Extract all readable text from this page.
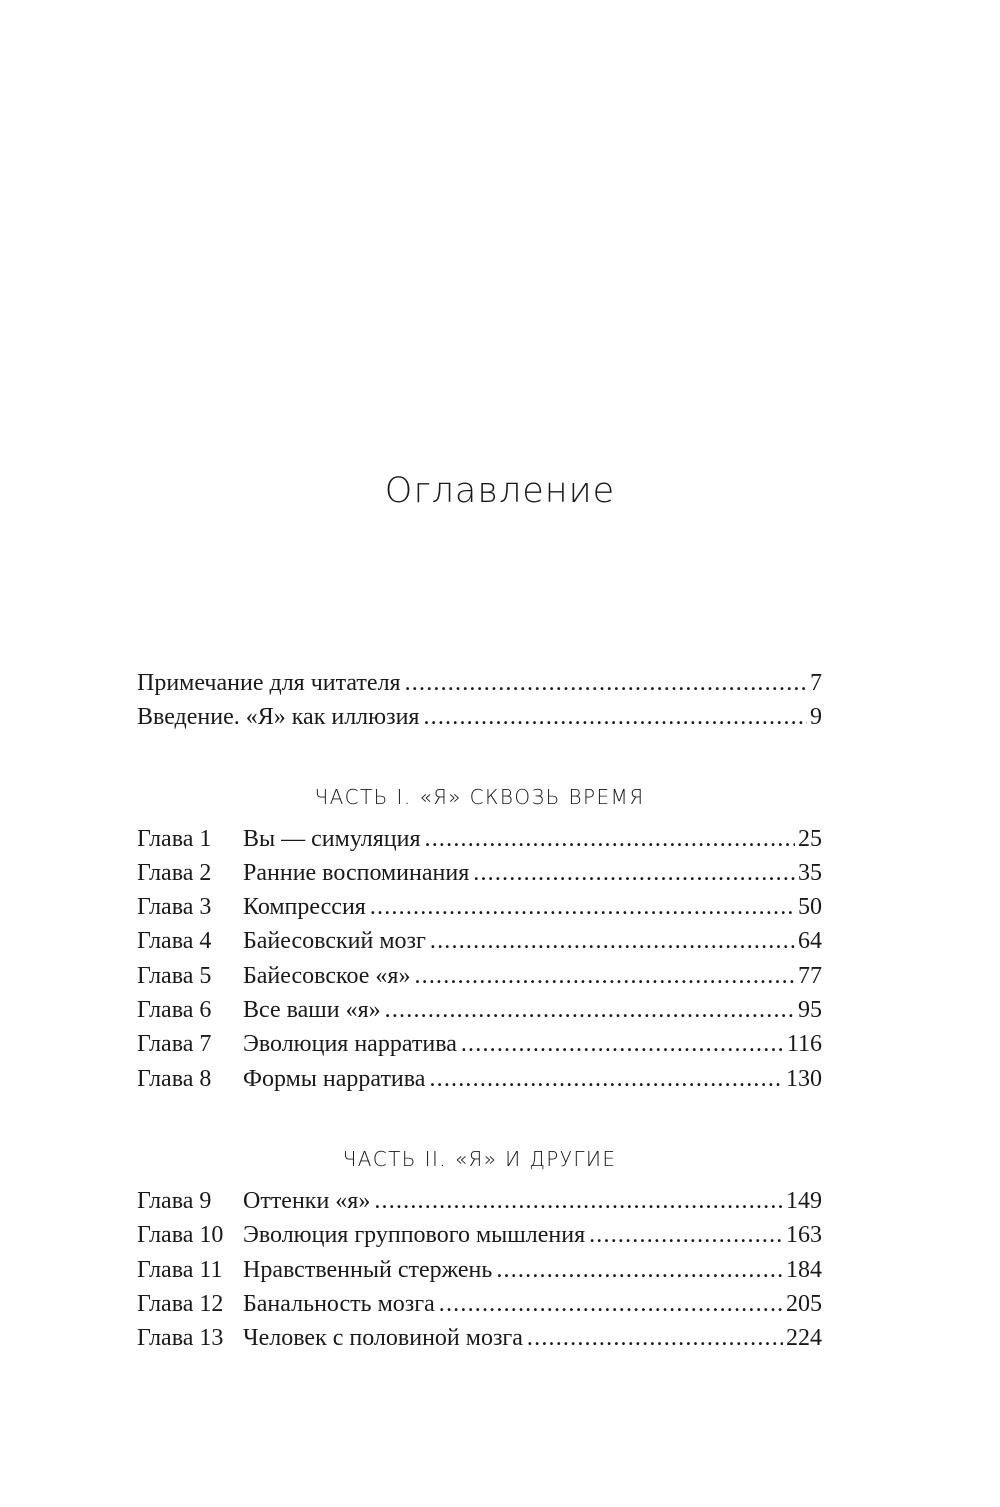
Оглавление
Примечание для читателя .....	7
Введение. «Я» как иллюзия .....	9
ЧАСТЬ I. «Я» СКВОЗЬ ВРЕМЯ
Глава 1	Вы — симуляция .....	25
Глава 2	Ранние воспоминания .....	35
Глава 3	Компрессия .....	50
Глава 4	Байесовский мозг .....	64
Глава 5	Байесовское «я» .....	77
Глава 6	Все ваши «я» .....	95
Глава 7	Эволюция нарратива .....	116
Глава 8	Формы нарратива .....	130
ЧАСТЬ II. «Я» И ДРУГИЕ
Глава 9	Оттенки «я» .....	149
Глава 10 Эволюция группового мышления .....	163
Глава 11 Нравственный стержень .....	184
Глава 12 Банальность мозга .....	205
Глава 13 Человек с половиной мозга .....	224
